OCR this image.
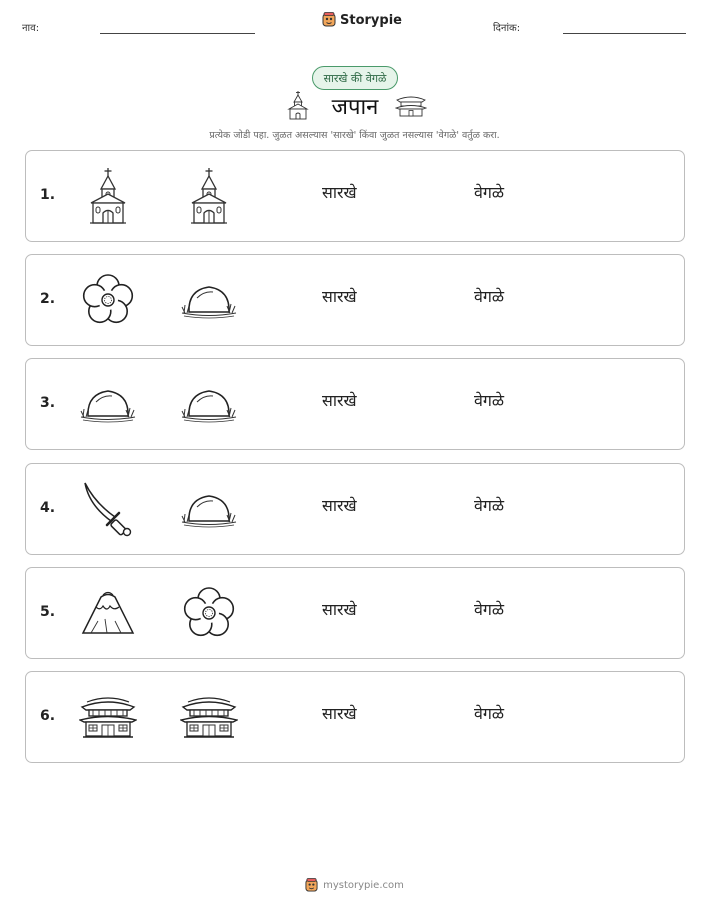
नाव:
Storypie
दिनांक:
सारखे की वेगळे
जपान
प्रत्येक जोडी पहा. जुळत असल्यास 'सारखे' किंवा जुळत नसल्यास 'वेगळे' वर्तुळ करा.
1.	सारखे	वेगळे
2.	सारखे	वेगळे
3.	सारखे	वेगळे
4.	सारखे	वेगळे
5.	सारखे	वेगळे
6.	सारखे	वेगळे
mystorypie.com
